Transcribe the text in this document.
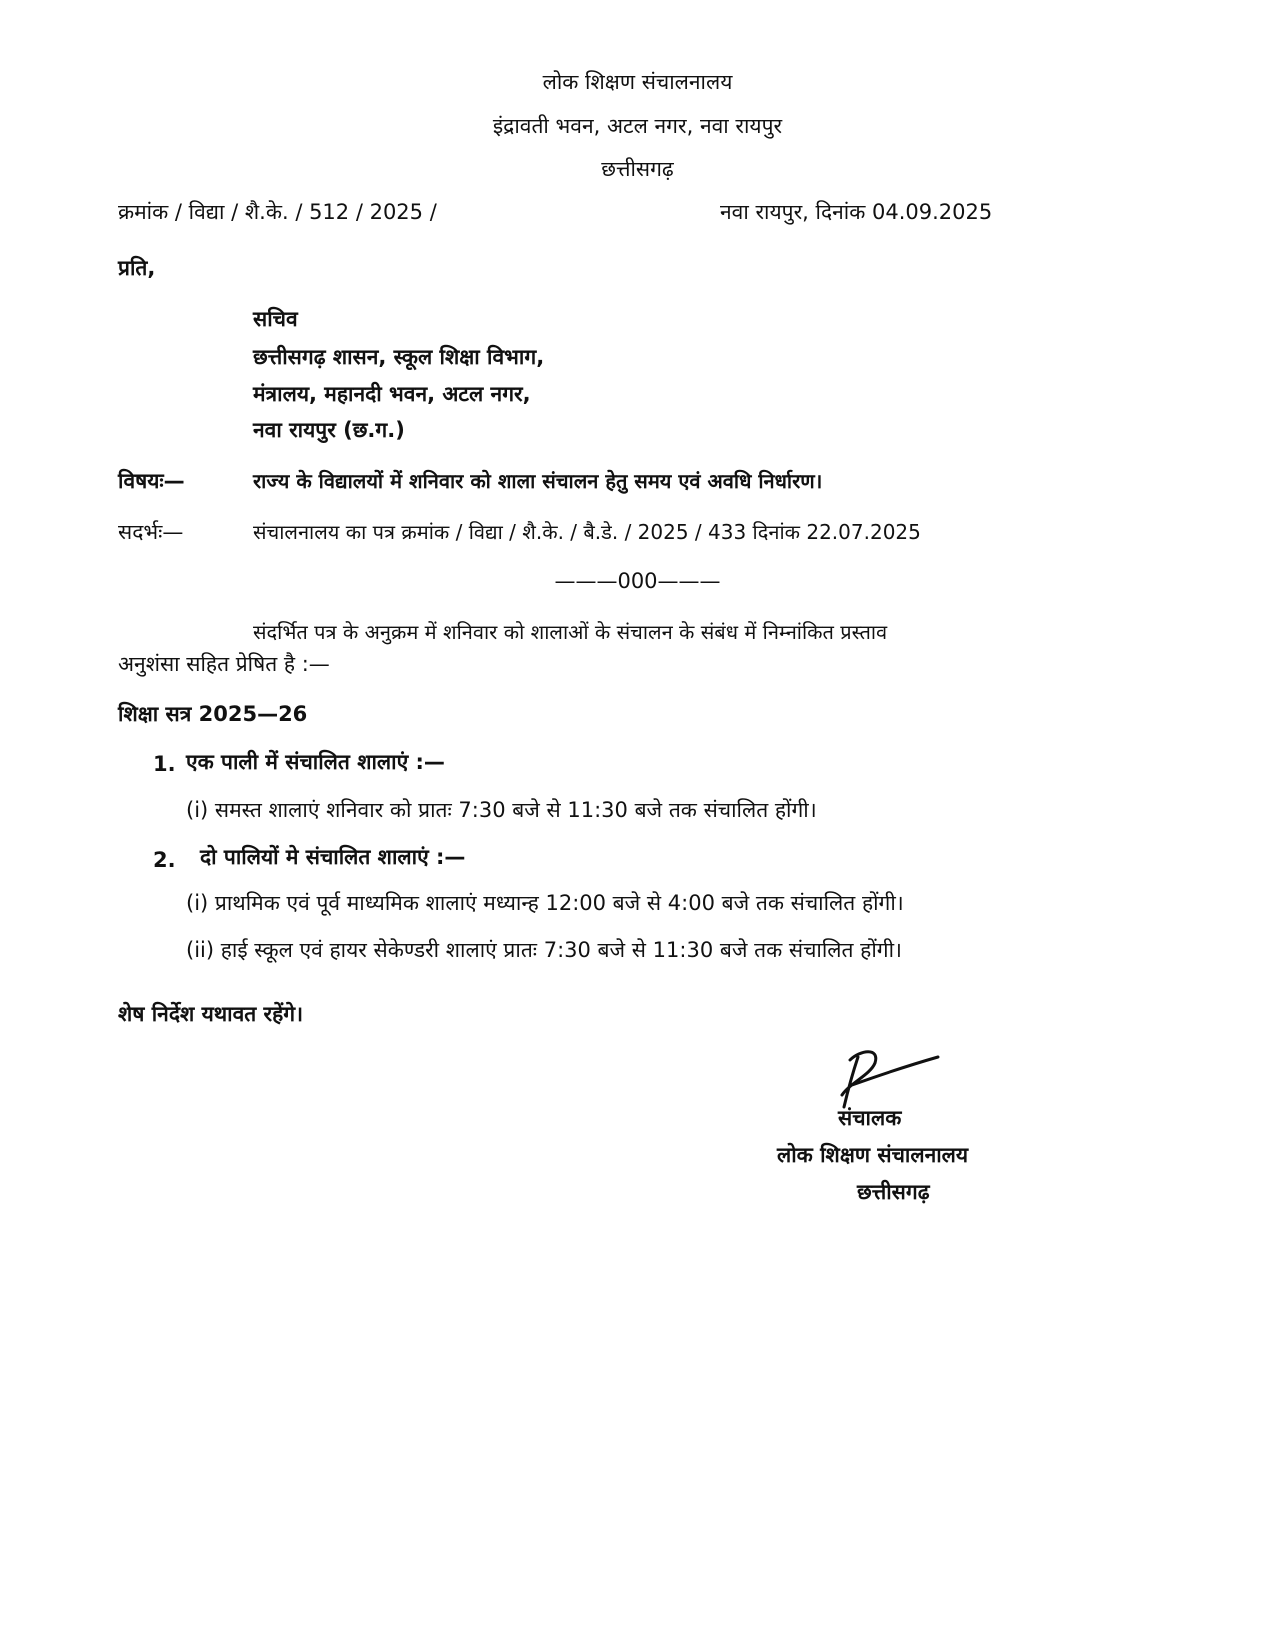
लोक शिक्षण संचालनालय
इंद्रावती भवन, अटल नगर, नवा रायपुर
छत्तीसगढ़
क्रमांक / विद्या / शै.के. / 512 / 2025 /	नवा रायपुर, दिनांक 04.09.2025
प्रति,
सचिव
छत्तीसगढ़ शासन, स्कूल शिक्षा विभाग,
मंत्रालय, महानदी भवन, अटल नगर,
नवा रायपुर (छ.ग.)
विषयः—	राज्य के विद्यालयों में शनिवार को शाला संचालन हेतु समय एवं अवधि निर्धारण।
सदर्भः—	संचालनालय का पत्र क्रमांक / विद्या / शै.के. / बै.डे. / 2025 / 433 दिनांक 22.07.2025
———000———
संदर्भित पत्र के अनुक्रम में शनिवार को शालाओं के संचालन के संबंध में निम्नांकित प्रस्ताव
अनुशंसा सहित प्रेषित है :—
शिक्षा सत्र 2025—26
1. एक पाली में संचालित शालाएं :—
(i) समस्त शालाएं शनिवार को प्रातः 7:30 बजे से 11:30 बजे तक संचालित होंगी।
2. दो पालियों मे संचालित शालाएं :—
(i) प्राथमिक एवं पूर्व माध्यमिक शालाएं मध्यान्ह 12:00 बजे से 4:00 बजे तक संचालित होंगी।
(ii) हाई स्कूल एवं हायर सेकेण्डरी शालाएं प्रातः 7:30 बजे से 11:30 बजे तक संचालित होंगी।
शेष निर्देश यथावत रहेंगे।
संचालक
लोक शिक्षण संचालनालय
छत्तीसगढ़
